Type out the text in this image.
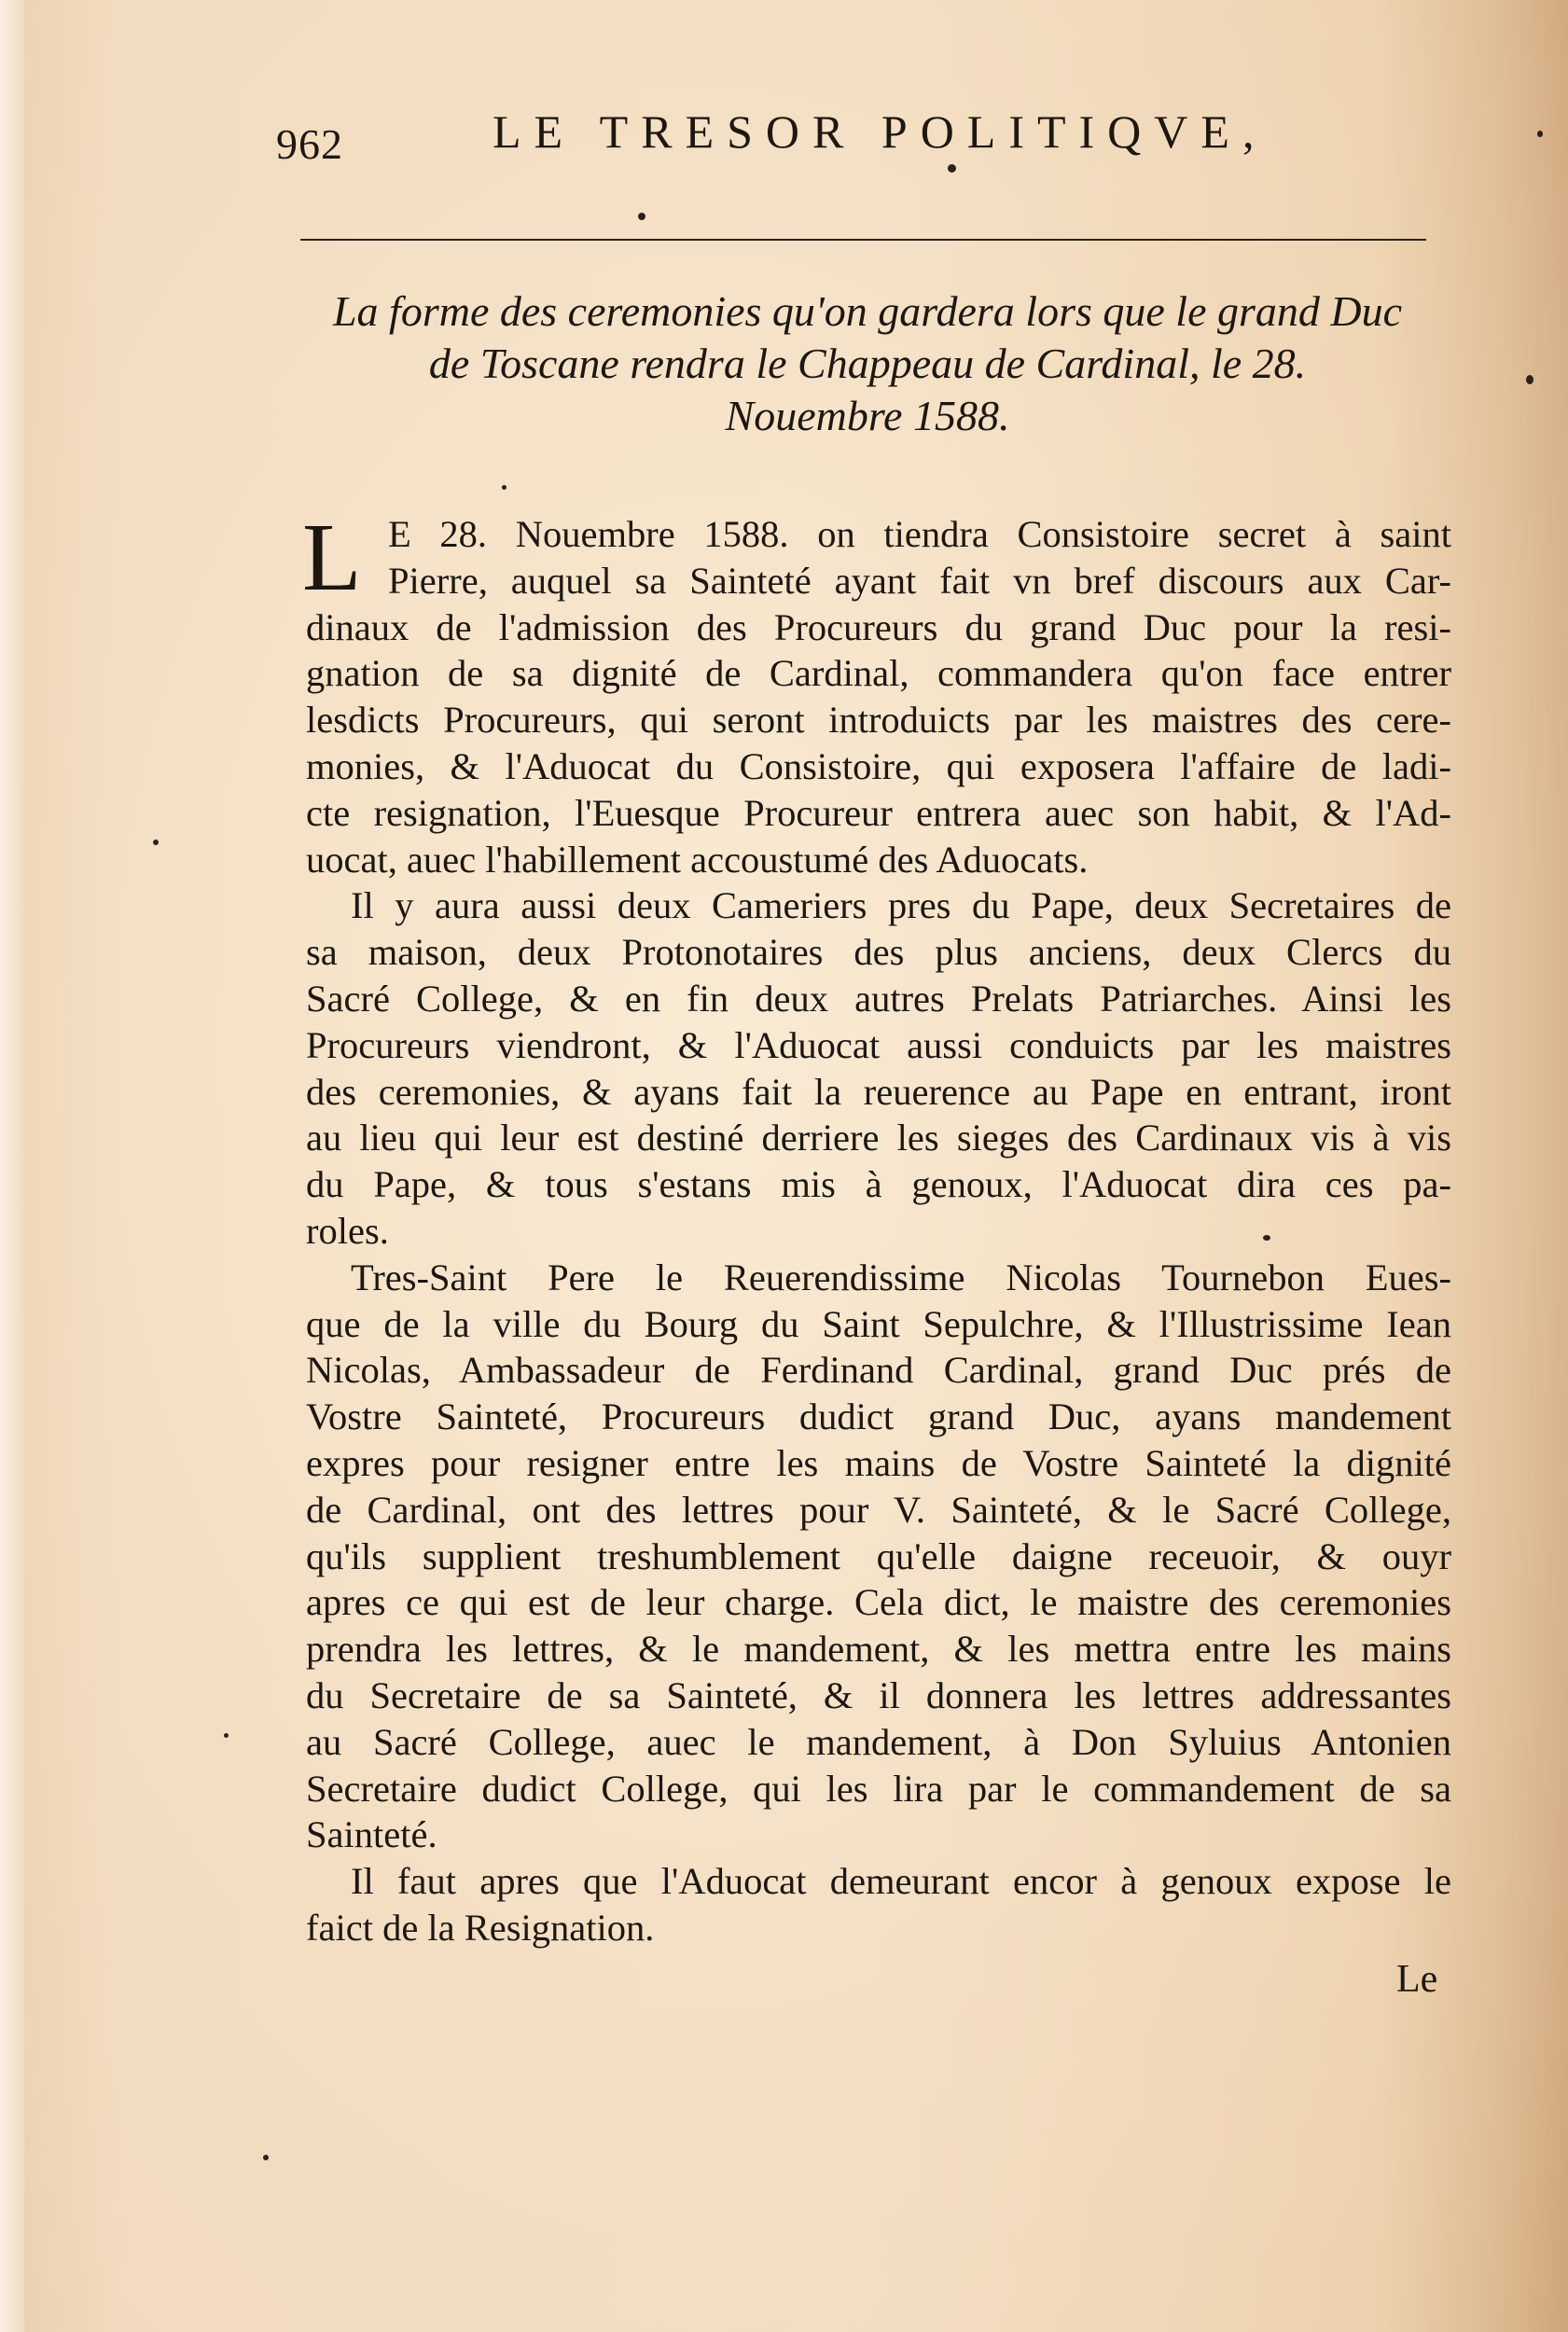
962	LE TRESOR POLITIQVE,
La forme des ceremonies qu'on gardera lors que le grand Duc
de Toscane rendra le Chappeau de Cardinal, le 28.
Nouembre 1588.
L E 28. Nouembre 1588. on tiendra Consistoire secret à saint
Pierre, auquel sa Sainteté ayant fait vn bref discours aux Car-
dinaux de l'admission des Procureurs du grand Duc pour la resi-
gnation de sa dignité de Cardinal, commandera qu'on face entrer
lesdicts Procureurs, qui seront introduicts par les maistres des cere-
monies, & l'Aduocat du Consistoire, qui exposera l'affaire de ladi-
cte resignation, l'Euesque Procureur entrera auec son habit, & l'Ad-
uocat, auec l'habillement accoustumé des Aduocats.
Il y aura aussi deux Cameriers pres du Pape, deux Secretaires de
sa maison, deux Protonotaires des plus anciens, deux Clercs du
Sacré College, & en fin deux autres Prelats Patriarches. Ainsi les
Procureurs viendront, & l'Aduocat aussi conduicts par les maistres
des ceremonies, & ayans fait la reuerence au Pape en entrant, iront
au lieu qui leur est destiné derriere les sieges des Cardinaux vis à vis
du Pape, & tous s'estans mis à genoux, l'Aduocat dira ces pa-
roles.
Tres-Saint Pere le Reuerendissime Nicolas Tournebon Eues-
que de la ville du Bourg du Saint Sepulchre, & l'Illustrissime Iean
Nicolas, Ambassadeur de Ferdinand Cardinal, grand Duc prés de
Vostre Sainteté, Procureurs dudict grand Duc, ayans mandement
expres pour resigner entre les mains de Vostre Sainteté la dignité
de Cardinal, ont des lettres pour V. Sainteté, & le Sacré College,
qu'ils supplient treshumblement qu'elle daigne receuoir, & ouyr
apres ce qui est de leur charge. Cela dict, le maistre des ceremonies
prendra les lettres, & le mandement, & les mettra entre les mains
du Secretaire de sa Sainteté, & il donnera les lettres addressantes
au Sacré College, auec le mandement, à Don Syluius Antonien
Secretaire dudict College, qui les lira par le commandement de sa
Sainteté.
Il faut apres que l'Aduocat demeurant encor à genoux expose le
faict de la Resignation.
Le
